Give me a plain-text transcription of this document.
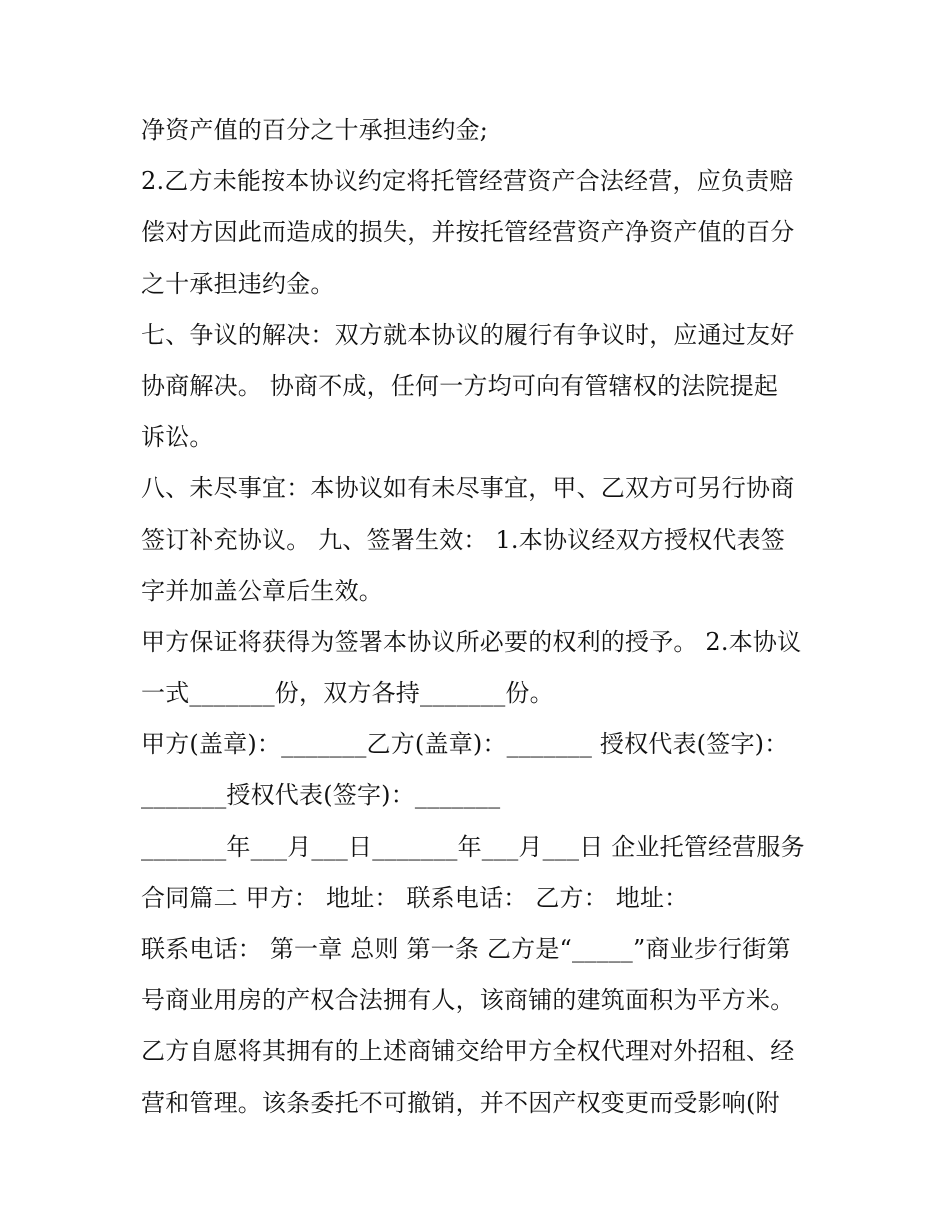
净资产值的百分之十承担违约金;
2.乙方未能按本协议约定将托管经营资产合法经营，应负责赔
偿对方因此而造成的损失，并按托管经营资产净资产值的百分
之十承担违约金。
七、争议的解决：双方就本协议的履行有争议时，应通过友好
协商解决。 协商不成，任何一方均可向有管辖权的法院提起
诉讼。
八、未尽事宜：本协议如有未尽事宜，甲、乙双方可另行协商
签订补充协议。 九、签署生效： 1.本协议经双方授权代表签
字并加盖公章后生效。
甲方保证将获得为签署本协议所必要的权利的授予。 2.本协议
一式_______份，双方各持_______份。
甲方(盖章)：_______乙方(盖章)：_______ 授权代表(签字)：
_______授权代表(签字)：_______
_______年___月___日_______年___月___日 企业托管经营服务
合同篇二 甲方： 地址： 联系电话： 乙方： 地址：
联系电话： 第一章 总则 第一条 乙方是“_____”商业步行街第
号商业用房的产权合法拥有人，该商铺的建筑面积为平方米。
乙方自愿将其拥有的上述商铺交给甲方全权代理对外招租、经
营和管理。该条委托不可撤销，并不因产权变更而受影响(附
